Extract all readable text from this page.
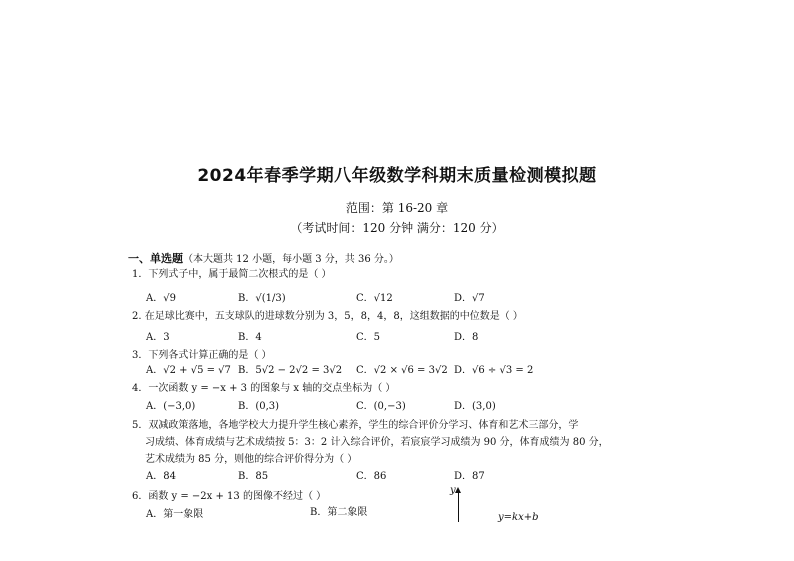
2024年春季学期八年级数学科期末质量检测模拟题
范围：第 16-20 章
（考试时间：120 分钟 满分：120 分）
一、单选题（本大题共 12 小题，每小题 3 分，共 36 分。）
1．下列式子中，属于最简二次根式的是（ ）
A．√9	B．√(1/3)	C．√12	D．√7
2. 在足球比赛中，五支球队的进球数分别为 3，5，8，4，8，这组数据的中位数是（ ）
A．3	B．4	C．5	D．8
3．下列各式计算正确的是（ ）
A．√2 + √5 = √7 B．5√2 − 2√2 = 3√2 C．√2 × √6 = 3√2 D．√6 ÷ √3 = 2
4．一次函数 y = −x + 3 的图象与 x 轴的交点坐标为（ ）
A．(−3,0)	B．(0,3)	C．(0,−3)	D．(3,0)
5．双减政策落地，各地学校大力提升学生核心素养，学生的综合评价分学习、体育和艺术三部分，学
习成绩、体育成绩与艺术成绩按 5：3：2 计入综合评价，若宸宸学习成绩为 90 分，体育成绩为 80 分，
艺术成绩为 85 分，则他的综合评价得分为（ ）
A．84	B．85	C．86	D．87
6．函数 y = −2x + 13 的图像不经过（ ）
A．第一象限	B．第二象限
y
y=kx+b
